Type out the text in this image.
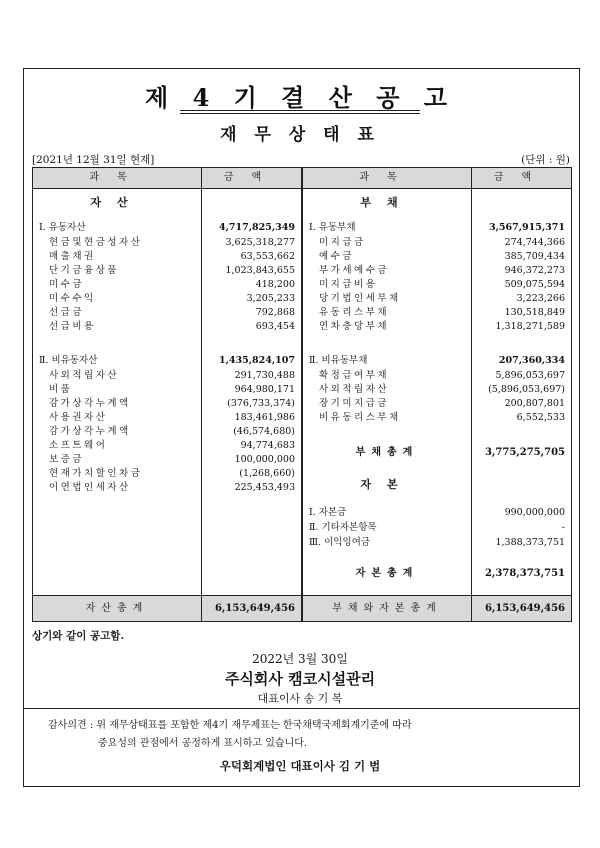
제 4 기 결 산 공 고
재 무 상 태 표
[2021년 12월 31일 현재]	(단위 : 원)
과목	금액
자산
Ⅰ. 유동자산	4,717,825,349
현금및현금성자산	3,625,318,277
매출채권	63,553,662
단기금융상품	1,023,843,655
미수금	418,200
미수수익	3,205,233
선급금	792,868
선급비용	693,454
Ⅱ. 비유동자산	1,435,824,107
사외적립자산	291,730,488
비품	964,980,171
감가상각누계액	(376,733,374)
사용권자산	183,461,986
감가상각누계액	(46,574,680)
소프트웨어	94,774,683
보증금	100,000,000
현재가치할인차금	(1,268,660)
이연법인세자산	225,453,493
자산총계	6,153,649,456
과목	금액
부채
Ⅰ. 유동부채	3,567,915,371
미지급금	274,744,366
예수금	385,709,434
부가세예수금	946,372,273
미지급비용	509,075,594
당기법인세부채	3,223,266
유동리스부채	130,518,849
연차충당부채	1,318,271,589
Ⅱ. 비유동부채	207,360,334
확정급여부채	5,896,053,697
사외적립자산	(5,896,053,697)
장기미지급금	200,807,801
비유동리스부채	6,552,533
부채총계	3,775,275,705
자본
Ⅰ. 자본금	990,000,000
Ⅱ. 기타자본항목	-
Ⅲ. 이익잉여금	1,388,373,751
자본총계	2,378,373,751
부채와자본총계	6,153,649,456
상기와 같이 공고함.
2022년 3월 30일
주식회사 캠코시설관리
대표이사 송 기 복
감사의견 : 위 재무상태표를 포함한 제4기 재무제표는 한국채택국제회계기준에 따라
중요성의 관점에서 공정하게 표시하고 있습니다.
우덕회계법인 대표이사 김 기 범
